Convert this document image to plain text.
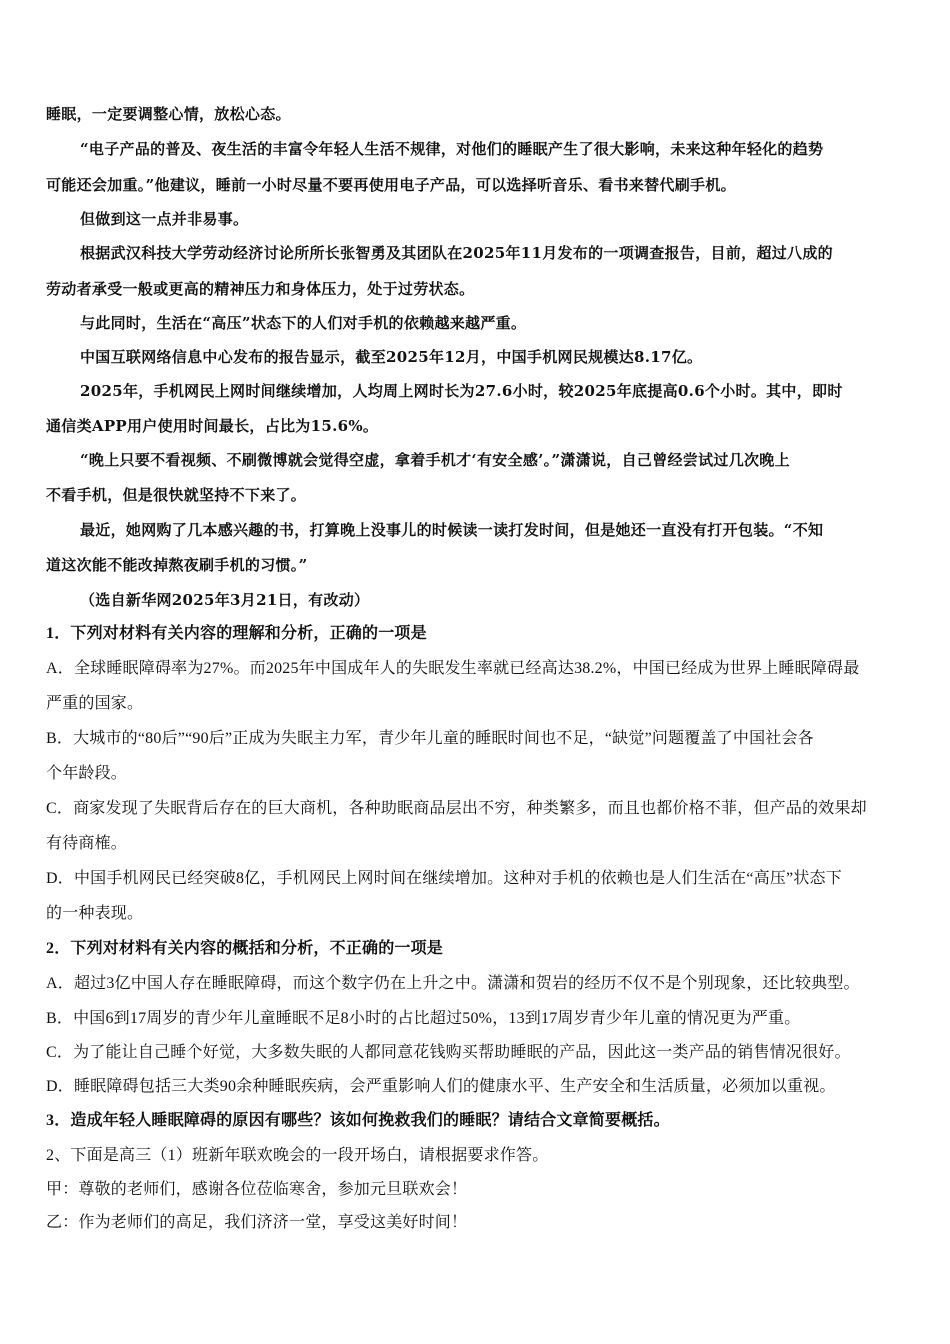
睡眠，一定要调整心情，放松心态。
“电子产品的普及、夜生活的丰富令年轻人生活不规律，对他们的睡眠产生了很大影响，未来这种年轻化的趋势
可能还会加重。”他建议，睡前一小时尽量不要再使用电子产品，可以选择听音乐、看书来替代刷手机。
但做到这一点并非易事。
根据武汉科技大学劳动经济讨论所所长张智勇及其团队在2025年11月发布的一项调查报告，目前，超过八成的
劳动者承受一般或更高的精神压力和身体压力，处于过劳状态。
与此同时，生活在“高压”状态下的人们对手机的依赖越来越严重。
中国互联网络信息中心发布的报告显示，截至2025年12月，中国手机网民规模达8.17亿。
2025年，手机网民上网时间继续增加，人均周上网时长为27.6小时，较2025年底提高0.6个小时。其中，即时
通信类APP用户使用时间最长，占比为15.6%。
“晚上只要不看视频、不刷微博就会觉得空虚，拿着手机才‘有安全感’。”潇潇说，自己曾经尝试过几次晚上
不看手机，但是很快就坚持不下来了。
最近，她网购了几本感兴趣的书，打算晚上没事儿的时候读一读打发时间，但是她还一直没有打开包装。“不知
道这次能不能改掉熬夜刷手机的习惯。”
（选自新华网2025年3月21日，有改动）
1．下列对材料有关内容的理解和分析，正确的一项是
A．全球睡眠障碍率为27%。而2025年中国成年人的失眠发生率就已经高达38.2%，中国已经成为世界上睡眠障碍最
严重的国家。
B．大城市的“80后”“90后”正成为失眠主力军，青少年儿童的睡眠时间也不足，“缺觉”问题覆盖了中国社会各
个年龄段。
C．商家发现了失眠背后存在的巨大商机，各种助眠商品层出不穷，种类繁多，而且也都价格不菲，但产品的效果却
有待商榷。
D．中国手机网民已经突破8亿，手机网民上网时间在继续增加。这种对手机的依赖也是人们生活在“高压”状态下
的一种表现。
2．下列对材料有关内容的概括和分析，不正确的一项是
A．超过3亿中国人存在睡眠障碍，而这个数字仍在上升之中。潇潇和贺岩的经历不仅不是个别现象，还比较典型。
B．中国6到17周岁的青少年儿童睡眠不足8小时的占比超过50%，13到17周岁青少年儿童的情况更为严重。
C．为了能让自己睡个好觉，大多数失眠的人都同意花钱购买帮助睡眠的产品，因此这一类产品的销售情况很好。
D．睡眠障碍包括三大类90余种睡眠疾病，会严重影响人们的健康水平、生产安全和生活质量，必须加以重视。
3．造成年轻人睡眠障碍的原因有哪些？该如何挽救我们的睡眠？请结合文章简要概括。
2、下面是高三（1）班新年联欢晚会的一段开场白，请根据要求作答。
甲：尊敬的老师们，感谢各位莅临寒舍，参加元旦联欢会！
乙：作为老师们的高足，我们济济一堂，享受这美好时间！
